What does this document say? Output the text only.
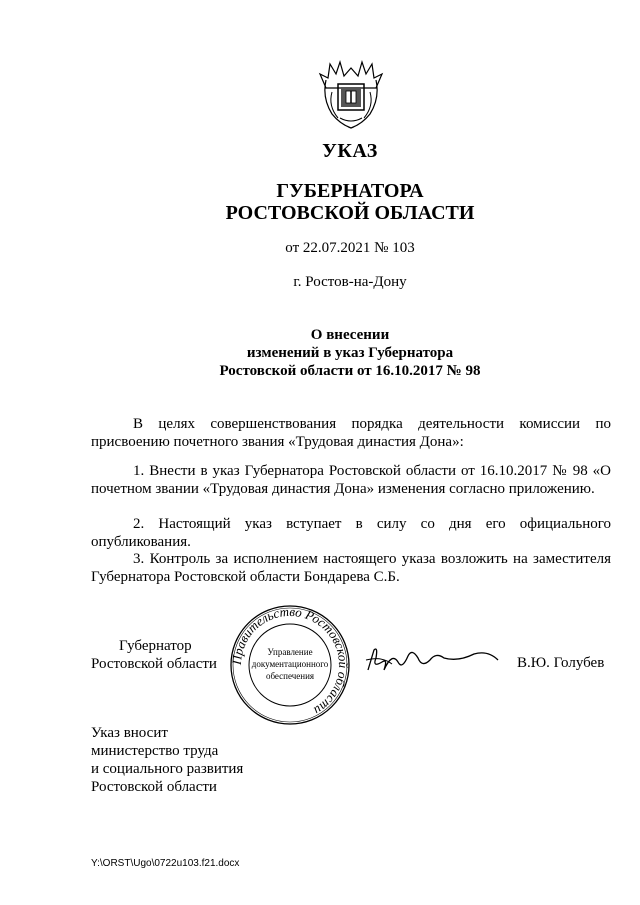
УКАЗ
ГУБЕРНАТОРА
РОСТОВСКОЙ ОБЛАСТИ
от 22.07.2021 № 103
г. Ростов-на-Дону
О внесении
изменений в указ Губернатора
Ростовской области от 16.10.2017 № 98
В целях совершенствования порядка деятельности комиссии по присвоению почетного звания «Трудовая династия Дона»:
1. Внести в указ Губернатора Ростовской области от 16.10.2017 № 98 «О почетном звании «Трудовая династия Дона» изменения согласно приложению.
2. Настоящий указ вступает в силу со дня его официального опубликования.
3. Контроль за исполнением настоящего указа возложить на заместителя Губернатора Ростовской области Бондарева С.Б.
Губернатор
Ростовской области Правительство Ростовской области
Управление
документационного
обеспечения
В.Ю. Голубев
Указ вносит
министерство труда
и социального развития
Ростовской области
Y:\ORST\Ugo\0722u103.f21.docx
